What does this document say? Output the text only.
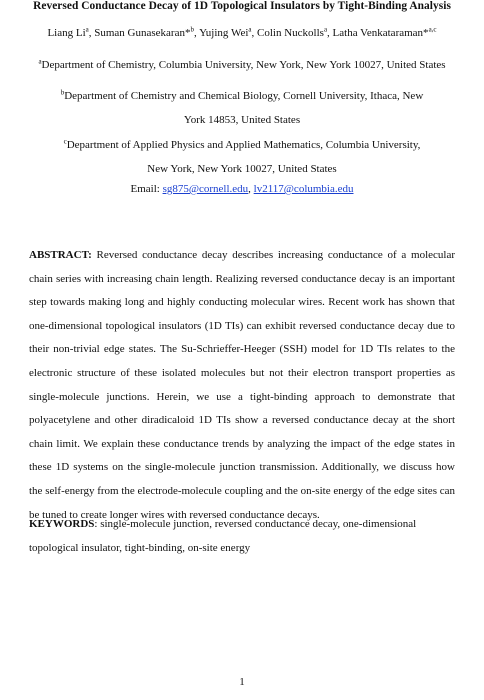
Reversed Conductance Decay of 1D Topological Insulators by Tight-Binding Analysis
Liang Li$^a$, Suman Gunasekaran*$^b$, Yujing Wei$^a$, Colin Nuckolls$^a$, Latha Venkataraman*$^{a,c}$
$^a$Department of Chemistry, Columbia University, New York, New York 10027, United States
$^b$Department of Chemistry and Chemical Biology, Cornell University, Ithaca, New York 14853, United States
$^c$Department of Applied Physics and Applied Mathematics, Columbia University, New York, New York 10027, United States
Email: sg875@cornell.edu, lv2117@columbia.edu
ABSTRACT: Reversed conductance decay describes increasing conductance of a molecular chain series with increasing chain length. Realizing reversed conductance decay is an important step towards making long and highly conducting molecular wires. Recent work has shown that one-dimensional topological insulators (1D TIs) can exhibit reversed conductance decay due to their non-trivial edge states. The Su-Schrieffer-Heeger (SSH) model for 1D TIs relates to the electronic structure of these isolated molecules but not their electron transport properties as single-molecule junctions. Herein, we use a tight-binding approach to demonstrate that polyacetylene and other diradicaloid 1D TIs show a reversed conductance decay at the short chain limit. We explain these conductance trends by analyzing the impact of the edge states in these 1D systems on the single-molecule junction transmission. Additionally, we discuss how the self-energy from the electrode-molecule coupling and the on-site energy of the edge sites can be tuned to create longer wires with reversed conductance decays.
KEYWORDS: single-molecule junction, reversed conductance decay, one-dimensional topological insulator, tight-binding, on-site energy
1
